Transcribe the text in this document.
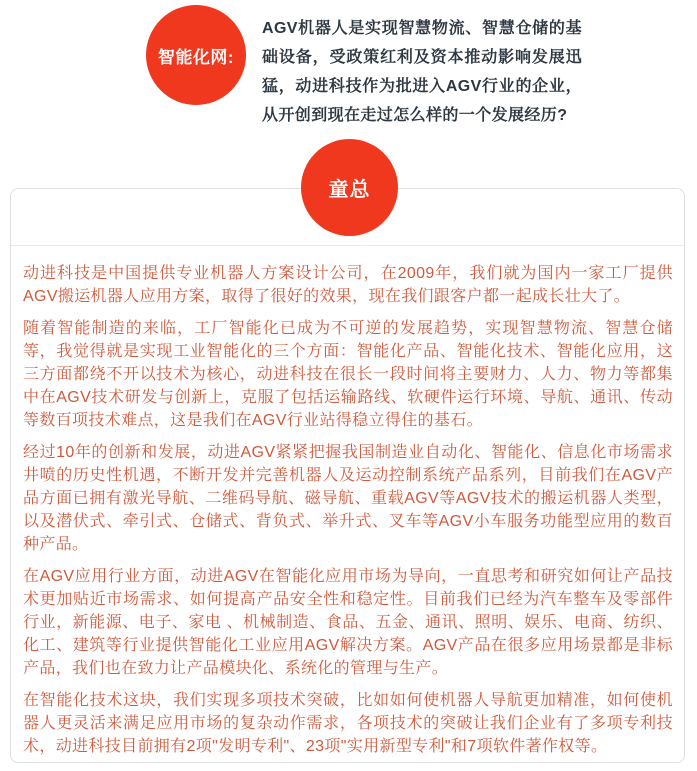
智能化网:
AGV机器人是实现智慧物流、智慧仓储的基础设备，受政策红利及资本推动影响发展迅猛，动进科技作为批进入AGV行业的企业，从开创到现在走过怎么样的一个发展经历?
童总

动进科技是中国提供专业机器人方案设计公司，在2009年，我们就为国内一家工厂提供AGV搬运机器人应用方案，取得了很好的效果，现在我们跟客户都一起成长壮大了。

随着智能制造的来临，工厂智能化已成为不可逆的发展趋势，实现智慧物流、智慧仓储等，我觉得就是实现工业智能化的三个方面：智能化产品、智能化技术、智能化应用，这三方面都绕不开以技术为核心，动进科技在很长一段时间将主要财力、人力、物力等都集中在AGV技术研发与创新上，克服了包括运输路线、软硬件运行环境、导航、通讯、传动等数百项技术难点，这是我们在AGV行业站得稳立得住的基石。

经过10年的创新和发展，动进AGV紧紧把握我国制造业自动化、智能化、信息化市场需求井喷的历史性机遇，不断开发并完善机器人及运动控制系统产品系列，目前我们在AGV产品方面已拥有激光导航、二维码导航、磁导航、重载AGV等AGV技术的搬运机器人类型，以及潜伏式、牵引式、仓储式、背负式、举升式、叉车等AGV小车服务功能型应用的数百种产品。

在AGV应用行业方面，动进AGV在智能化应用市场为导向，一直思考和研究如何让产品技术更加贴近市场需求、如何提高产品安全性和稳定性。目前我们已经为汽车整车及零部件行业，新能源、电子、家电 、机械制造、食品、五金、通讯、照明、娱乐、电商、纺织、化工、建筑等行业提供智能化工业应用AGV解决方案。AGV产品在很多应用场景都是非标产品，我们也在致力让产品模块化、系统化的管理与生产。

在智能化技术这块，我们实现多项技术突破，比如如何使机器人导航更加精准，如何使机器人更灵活来满足应用市场的复杂动作需求，各项技术的突破让我们企业有了多项专利技术，动进科技目前拥有2项"发明专利"、23项"实用新型专利"和7项软件著作权等。
